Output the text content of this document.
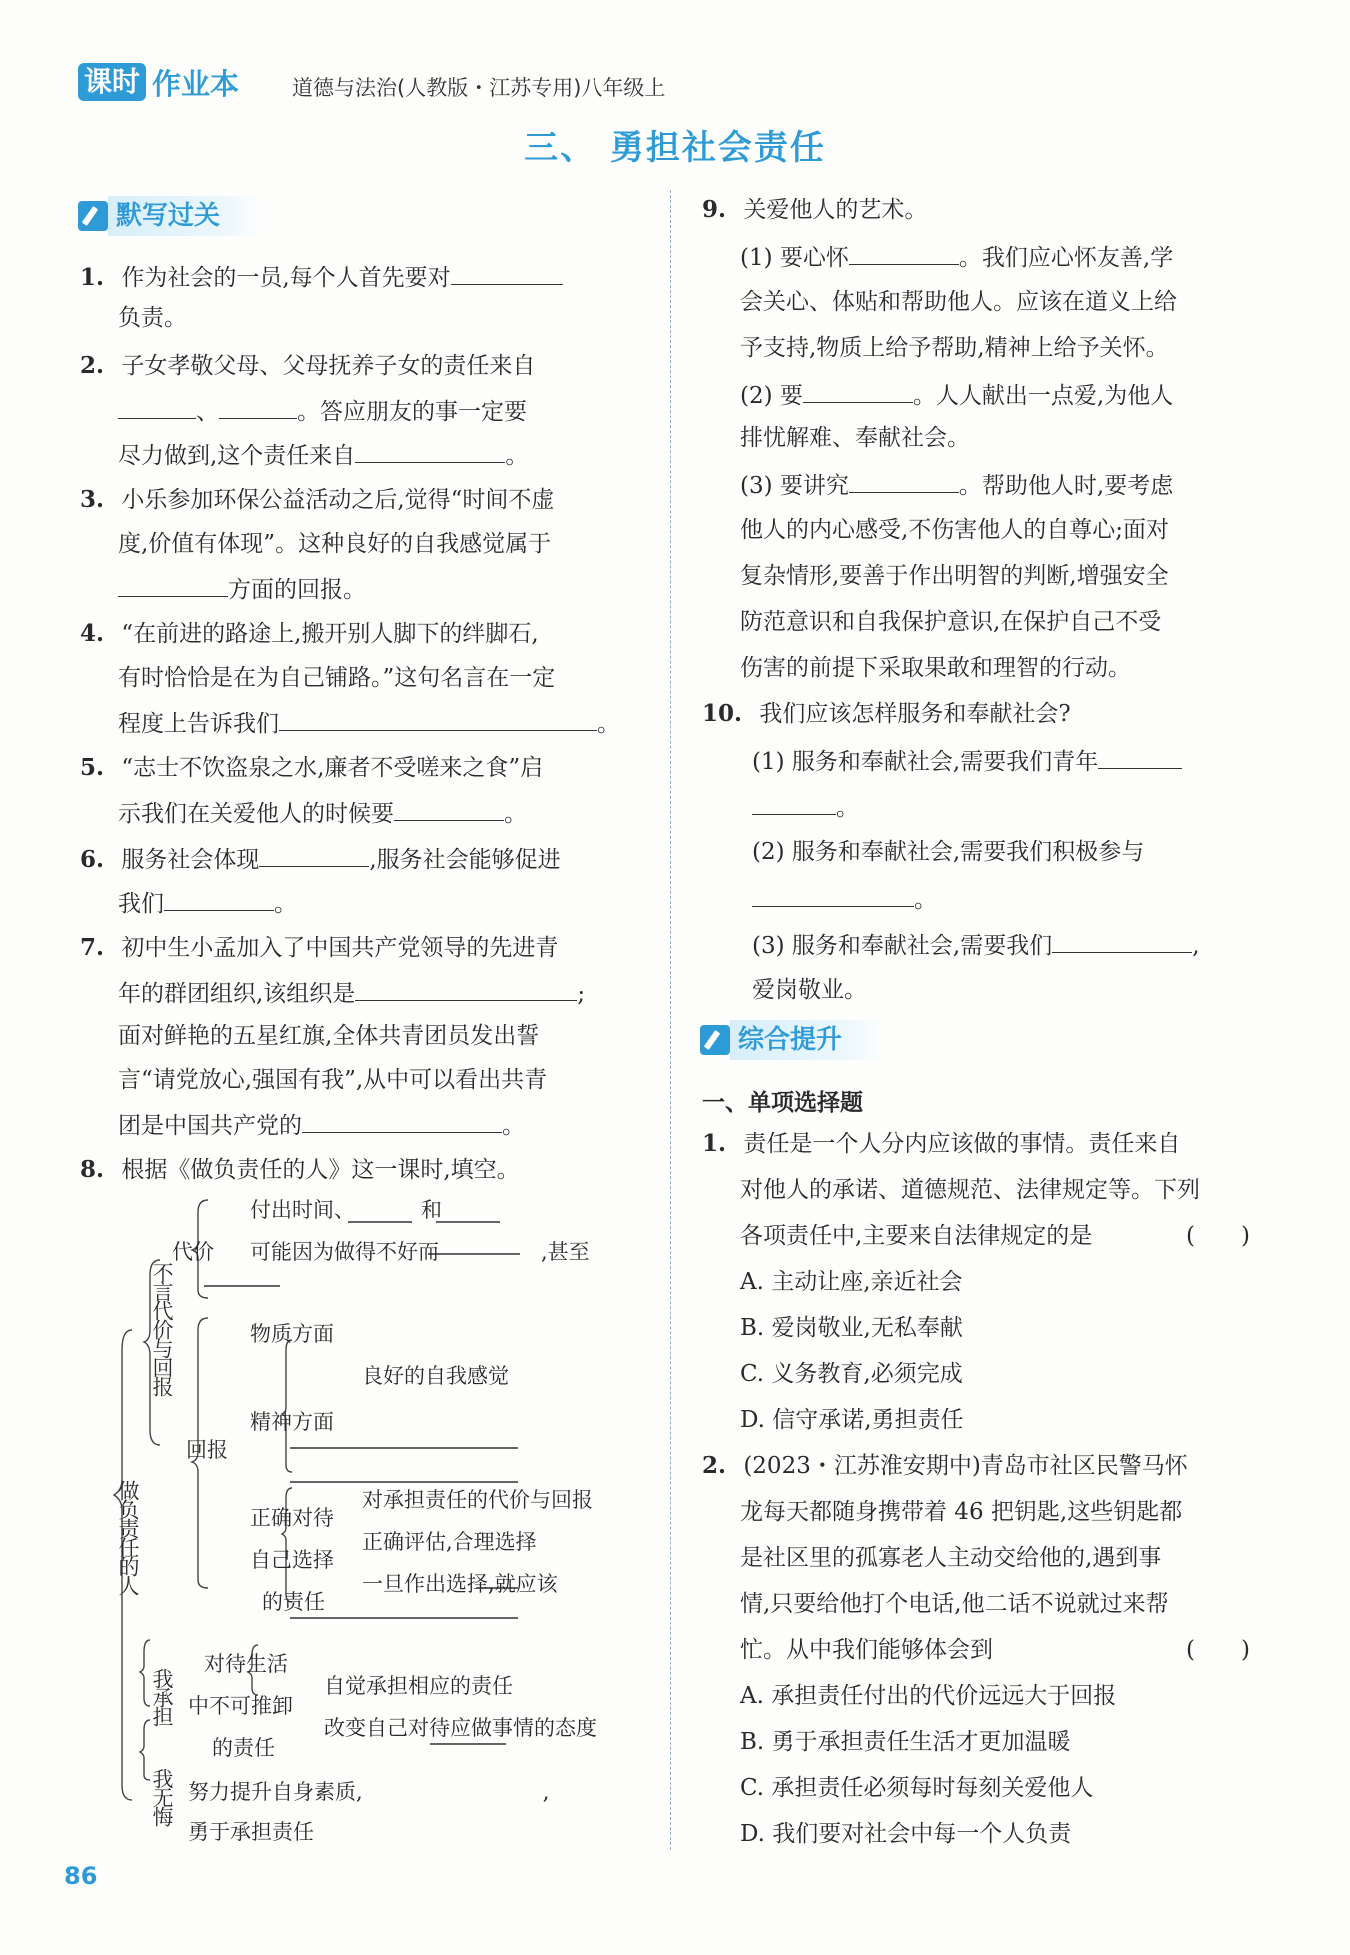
课时 作业本	道德与法治(人教版・江苏专用)八年级上
三、 勇担社会责任
默写过关
1. 作为社会的一员,每个人首先要对
负责。
2. 子女孝敬父母、父母抚养子女的责任来自
、	。答应朋友的事一定要
尽力做到,这个责任来自	。
3. 小乐参加环保公益活动之后,觉得“时间不虚
度,价值有体现”。这种良好的自我感觉属于
方面的回报。
4. “在前进的路途上,搬开别人脚下的绊脚石,
有时恰恰是在为自己铺路。”这句名言在一定
程度上告诉我们	。
5. “志士不饮盗泉之水,廉者不受嗟来之食”启
示我们在关爱他人的时候要	。
6. 服务社会体现	,服务社会能够促进
我们	。
7. 初中生小孟加入了中国共产党领导的先进青
年的群团组织,该组织是	;
面对鲜艳的五星红旗,全体共青团员发出誓
言“请党放心,强国有我”,从中可以看出共青
团是中国共产党的	。
8. 根据《做负责任的人》这一课时,填空。
做负责任的人
不言代价与回报
我承担
我无悔
代价
回报
付出时间、	和
可能因为做得不好而	,甚至
物质方面
精神方面
良好的自我感觉
正确对待
自己选择
的责任
对承担责任的代价与回报
正确评估,合理选择
一旦作出选择,就应该
对待生活
中不可推卸
的责任
自觉承担相应的责任
改变自己对待应做事情的态度
努力提升自身素质,	,
勇于承担责任
9. 关爱他人的艺术。
(1) 要心怀	。我们应心怀友善,学
会关心、体贴和帮助他人。应该在道义上给
予支持,物质上给予帮助,精神上给予关怀。
(2) 要	。人人献出一点爱,为他人
排忧解难、奉献社会。
(3) 要讲究	。帮助他人时,要考虑
他人的内心感受,不伤害他人的自尊心;面对
复杂情形,要善于作出明智的判断,增强安全
防范意识和自我保护意识,在保护自己不受
伤害的前提下采取果敢和理智的行动。
10. 我们应该怎样服务和奉献社会?
(1) 服务和奉献社会,需要我们青年
。
(2) 服务和奉献社会,需要我们积极参与
。
(3) 服务和奉献社会,需要我们	,
爱岗敬业。
综合提升
一、单项选择题
1. 责任是一个人分内应该做的事情。责任来自
对他人的承诺、道德规范、法律规定等。下列
各项责任中,主要来自法律规定的是	(　　)
A. 主动让座,亲近社会
B. 爱岗敬业,无私奉献
C. 义务教育,必须完成
D. 信守承诺,勇担责任
2. (2023・江苏淮安期中)青岛市社区民警马怀
龙每天都随身携带着 46 把钥匙,这些钥匙都
是社区里的孤寡老人主动交给他的,遇到事
情,只要给他打个电话,他二话不说就过来帮
忙。从中我们能够体会到	(　　)
A. 承担责任付出的代价远远大于回报
B. 勇于承担责任生活才更加温暖
C. 承担责任必须每时每刻关爱他人
D. 我们要对社会中每一个人负责
86
